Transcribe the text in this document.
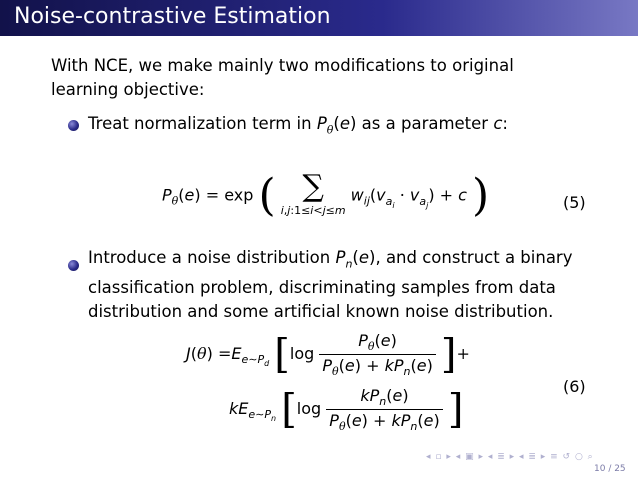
Noise-contrastive Estimation
With NCE, we make mainly two modifications to original
learning objective:
Treat normalization term in $P_\theta(e)$ as a parameter c:
$P_\theta(e) = \exp$ ( ∑
i,j:1≤i<j≤m
$w_{ij}(v_{a_i} \cdot v_{a_j}) + c$ )	(5)
Introduce a noise distribution $P_n(e)$, and construct a binary
classification problem, discriminating samples from data
distribution and some artificial known noise distribution.
$J(\theta) =E_{e\sim P_d}$ [$\log \frac{P_\theta(e)}{P_\theta(e) + kP_n(e)}$ ]+
$kE_{e\sim P_n}$ [$\log \frac{kP_n(e)}{P_\theta(e) + kP_n(e)}$ ]
(6)
◂ ▫ ▸ ◂ ▣ ▸ ◂ ≣ ▸ ◂ ≣ ▸ ≡ ↺ ○ ⌕
10 / 25
